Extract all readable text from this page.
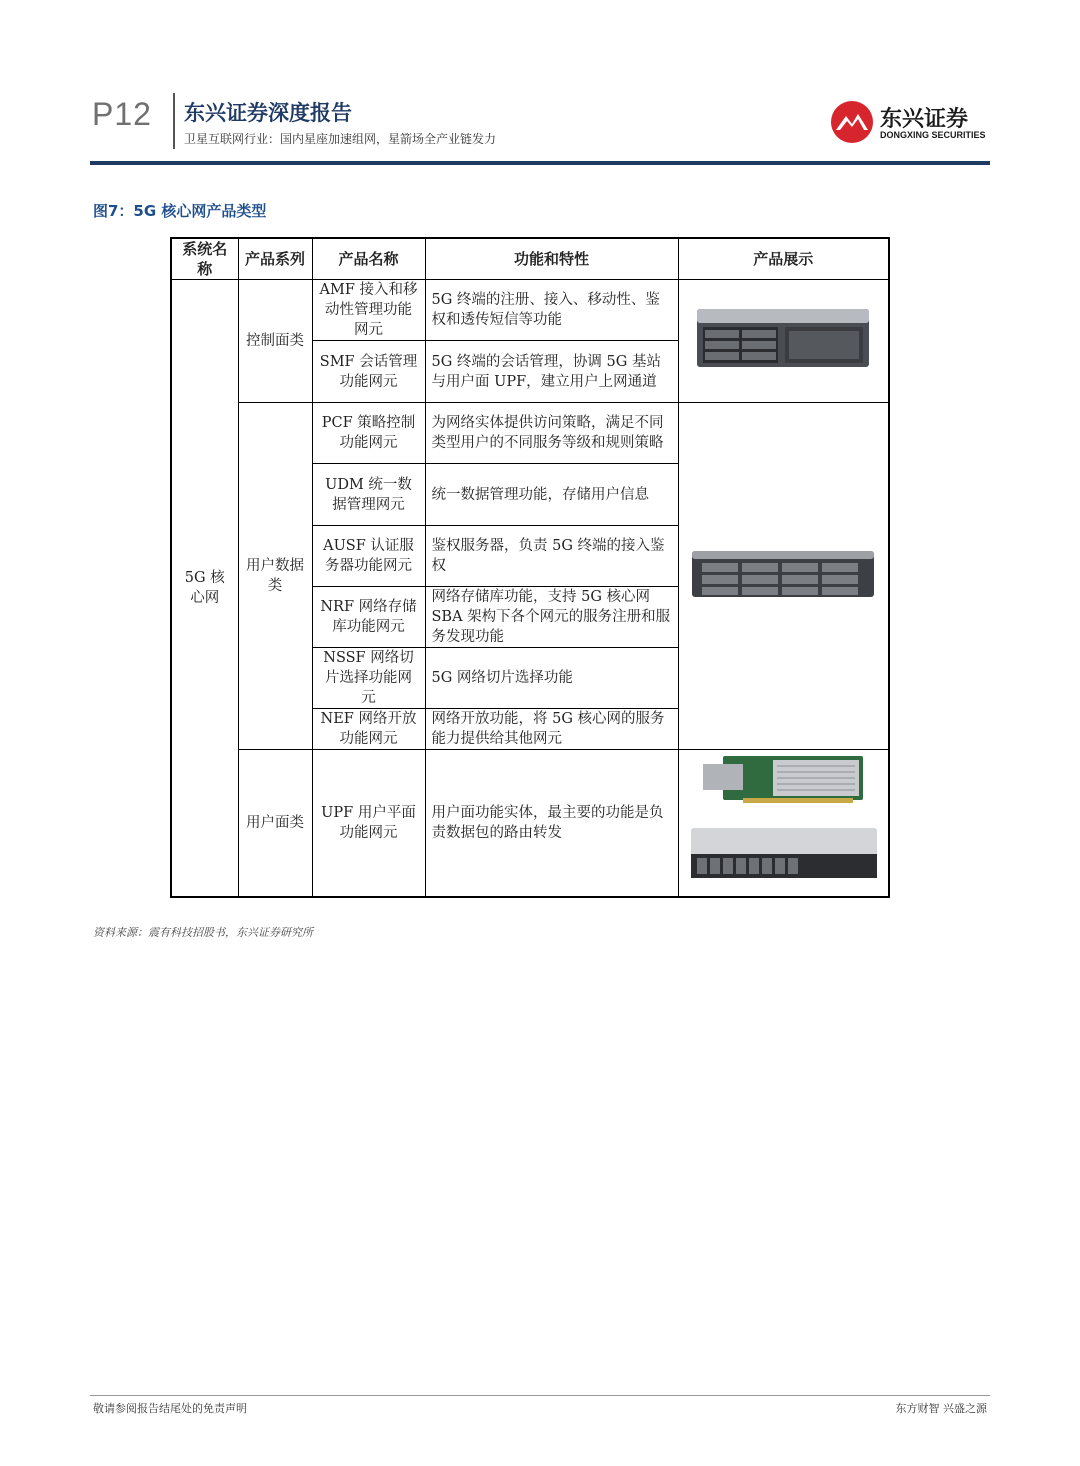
P12 东兴证券深度报告
卫星互联网行业：国内星座加速组网，星箭场全产业链发力
东兴证券
DONGXING SECURITIES
图7：5G 核心网产品类型
系统名称	产品系列	产品名称	功能和特性	产品展示
5G 核心网	控制面类	AMF 接入和移动性管理功能网元	5G 终端的注册、接入、移动性、鉴权和透传短信等功能	
		SMF 会话管理功能网元	5G 终端的会话管理，协调 5G 基站与用户面 UPF，建立用户上网通道	
	用户数据类	PCF 策略控制功能网元	为网络实体提供访问策略，满足不同类型用户的不同服务等级和规则策略	
		UDM 统一数据管理网元	统一数据管理功能，存储用户信息	
		AUSF 认证服务器功能网元	鉴权服务器，负责 5G 终端的接入鉴权	
		NRF 网络存储库功能网元	网络存储库功能，支持 5G 核心网 SBA 架构下各个网元的服务注册和服务发现功能	
		NSSF 网络切片选择功能网元	5G 网络切片选择功能	
		NEF 网络开放功能网元	网络开放功能，将 5G 核心网的服务能力提供给其他网元	
	用户面类	UPF 用户平面功能网元	用户面功能实体，最主要的功能是负责数据包的路由转发	
资料来源：震有科技招股书，东兴证券研究所
敬请参阅报告结尾处的免责声明	东方财智 兴盛之源
